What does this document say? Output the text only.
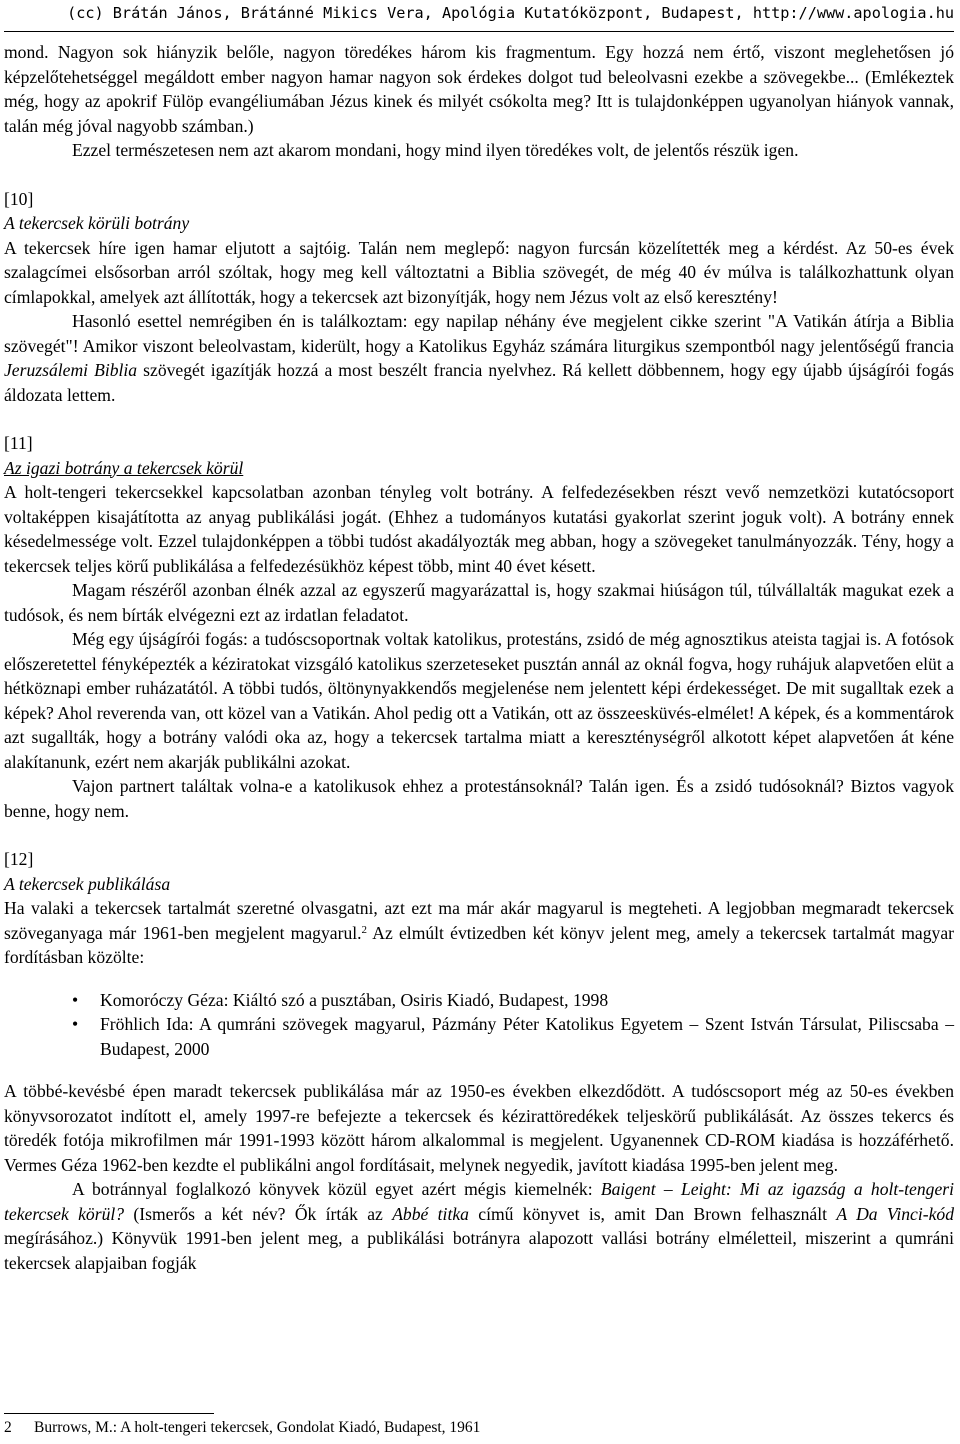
(cc) Brátán János, Brátánné Mikics Vera, Apológia Kutatóközpont, Budapest, http://www.apologia.hu

mond. Nagyon sok hiányzik belőle, nagyon töredékes három kis fragmentum. Egy hozzá nem értő, viszont meglehetősen jó képzelőtehetséggel megáldott ember nagyon hamar nagyon sok érdekes dolgot tud beleolvasni ezekbe a szövegekbe... (Emlékeztek még, hogy az apokrif Fülöp evangéliumában Jézus kinek és milyét csókolta meg? Itt is tulajdonképpen ugyanolyan hiányok vannak, talán még jóval nagyobb számban.)

Ezzel természetesen nem azt akarom mondani, hogy mind ilyen töredékes volt, de jelentős részük igen.

[10]

A tekercsek körüli botrány

A tekercsek híre igen hamar eljutott a sajtóig. Talán nem meglepő: nagyon furcsán közelítették meg a kérdést. Az 50-es évek szalagcímei elsősorban arról szóltak, hogy meg kell változtatni a Biblia szövegét, de még 40 év múlva is találkozhattunk olyan címlapokkal, amelyek azt állították, hogy a tekercsek azt bizonyítják, hogy nem Jézus volt az első keresztény!

Hasonló esettel nemrégiben én is találkoztam: egy napilap néhány éve megjelent cikke szerint "A Vatikán átírja a Biblia szövegét"! Amikor viszont beleolvastam, kiderült, hogy a Katolikus Egyház számára liturgikus szempontból nagy jelentőségű francia Jeruzsálemi Biblia szövegét igazítják hozzá a most beszélt francia nyelvhez. Rá kellett döbbennem, hogy egy újabb újságírói fogás áldozata lettem.

[11]

Az igazi botrány a tekercsek körül

A holt-tengeri tekercsekkel kapcsolatban azonban tényleg volt botrány. A felfedezésekben részt vevő nemzetközi kutatócsoport voltaképpen kisajátította az anyag publikálási jogát. (Ehhez a tudományos kutatási gyakorlat szerint joguk volt). A botrány ennek késedelmessége volt. Ezzel tulajdonképpen a többi tudóst akadályozták meg abban, hogy a szövegeket tanulmányozzák. Tény, hogy a tekercsek teljes körű publikálása a felfedezésükhöz képest több, mint 40 évet késett.

Magam részéről azonban élnék azzal az egyszerű magyarázattal is, hogy szakmai hiúságon túl, túlvállalták magukat ezek a tudósok, és nem bírták elvégezni ezt az irdatlan feladatot.

Még egy újságírói fogás: a tudóscsoportnak voltak katolikus, protestáns, zsidó de még agnosztikus ateista tagjai is. A fotósok előszeretettel fényképezték a kéziratokat vizsgáló katolikus szerzeteseket pusztán annál az oknál fogva, hogy ruhájuk alapvetően elüt a hétköznapi ember ruházatától. A többi tudós, öltönynyakkendős megjelenése nem jelentett képi érdekességet. De mit sugalltak ezek a képek? Ahol reverenda van, ott közel van a Vatikán. Ahol pedig ott a Vatikán, ott az összeesküvés-elmélet! A képek, és a kommentárok azt sugallták, hogy a botrány valódi oka az, hogy a tekercsek tartalma miatt a kereszténységről alkotott képet alapvetően át kéne alakítanunk, ezért nem akarják publikálni azokat.

Vajon partnert találtak volna-e a katolikusok ehhez a protestánsoknál? Talán igen. És a zsidó tudósoknál? Biztos vagyok benne, hogy nem.

[12]

A tekercsek publikálása

Ha valaki a tekercsek tartalmát szeretné olvasgatni, azt ezt ma már akár magyarul is megteheti. A legjobban megmaradt tekercsek szöveganyaga már 1961-ben megjelent magyarul.$^2$ Az elmúlt évtizedben két könyv jelent meg, amely a tekercsek tartalmát magyar fordításban közölte:

• Komoróczy Géza: Kiáltó szó a pusztában, Osiris Kiadó, Budapest, 1998
• Fröhlich Ida: A qumráni szövegek magyarul, Pázmány Péter Katolikus Egyetem – Szent István Társulat, Piliscsaba – Budapest, 2000

A többé-kevésbé épen maradt tekercsek publikálása már az 1950-es években elkezdődött. A tudóscsoport még az 50-es években könyvsorozatot indított el, amely 1997-re befejezte a tekercsek és kézirattöredékek teljeskörű publikálását. Az összes tekercs és töredék fotója mikrofilmen már 1991-1993 között három alkalommal is megjelent. Ugyanennek CD-ROM kiadása is hozzáférhető. Vermes Géza 1962-ben kezdte el publikálni angol fordításait, melynek negyedik, javított kiadása 1995-ben jelent meg.

A botránnyal foglalkozó könyvek közül egyet azért mégis kiemelnék: Baigent – Leight: Mi az igazság a holt-tengeri tekercsek körül? (Ismerős a két név? Ők írták az Abbé titka című könyvet is, amit Dan Brown felhasznált A Da Vinci-kód megírásához.) Könyvük 1991-ben jelent meg, a publikálási botrányra alapozott vallási botrány elméletteil, miszerint a qumráni tekercsek alapjaiban fogják

2	Burrows, M.: A holt-tengeri tekercsek, Gondolat Kiadó, Budapest, 1961
